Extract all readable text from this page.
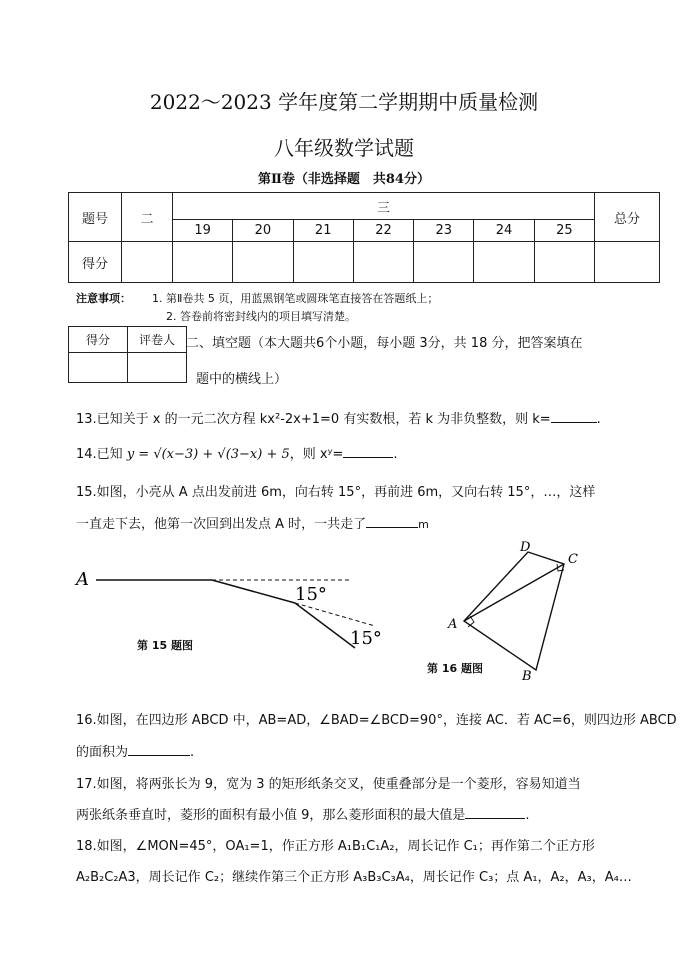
2022～2023 学年度第二学期期中质量检测
八年级数学试题
第Ⅱ卷（非选择题　共84分）
题号	二	三							总分
		19	20	21	22	23	24	25	
得分									
注意事项： 1. 第Ⅱ卷共 5 页，用蓝黑钢笔或圆珠笔直接答在答题纸上；
2. 答卷前将密封线内的项目填写清楚。
得分	评卷人
	二、填空题（本大题共6个小题，每小题 3分，共 18 分，把答案填在
题中的横线上）
13.已知关于 x 的一元二次方程 kx²-2x+1=0 有实数根，若 k 为非负整数，则 k=	.
14.已知 y = √(x−3) + √(3−x) + 5，则 xʸ=	.
15.如图，小亮从 A 点出发前进 6m，向右转 15°，再前进 6m，又向右转 15°，…，这样
一直走下去，他第一次回到出发点 A 时，一共走了	m
A
15°
15°
第 15 题图
A
D
C
B
第 16 题图
16.如图，在四边形 ABCD 中，AB=AD，∠BAD=∠BCD=90°，连接 AC．若 AC=6，则四边形 ABCD
的面积为	.
17.如图，将两张长为 9，宽为 3 的矩形纸条交叉，使重叠部分是一个菱形，容易知道当
两张纸条垂直时，菱形的面积有最小值 9，那么菱形面积的最大值是	.
18.如图，∠MON=45°，OA₁=1，作正方形 A₁B₁C₁A₂，周长记作 C₁；再作第二个正方形
A₂B₂C₂A3，周长记作 C₂；继续作第三个正方形 A₃B₃C₃A₄，周长记作 C₃；点 A₁，A₂，A₃，A₄…
